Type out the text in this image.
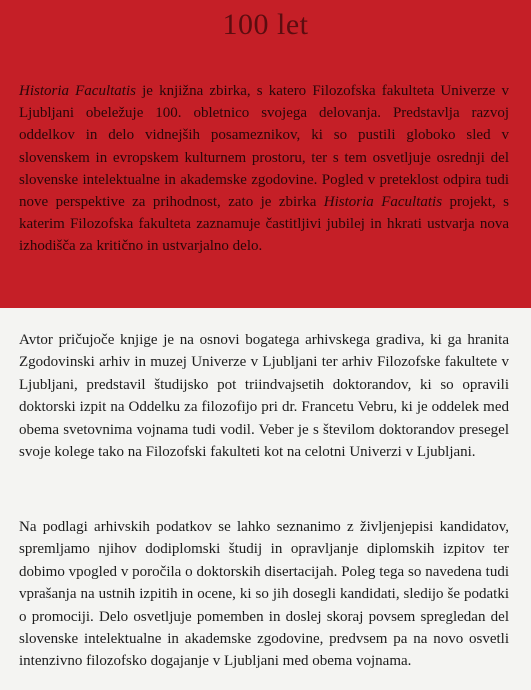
100 let
Historia Facultatis je knjižna zbirka, s katero Filozofska fakulteta Univerze v Ljubljani obeležuje 100. obletnico svojega delovanja. Predstavlja razvoj oddelkov in delo vidnejših posameznikov, ki so pustili globoko sled v slovenskem in evropskem kulturnem prostoru, ter s tem osvetljuje osrednji del slovenske intelektualne in akademske zgodovine. Pogled v preteklost odpira tudi nove perspektive za prihodnost, zato je zbirka Historia Facultatis projekt, s katerim Filozofska fakulteta zaznamuje častitljivi jubilej in hkrati ustvarja nova izhodišča za kritično in ustvarjalno delo.
Avtor pričujoče knjige je na osnovi bogatega arhivskega gradiva, ki ga hranita Zgodovinski arhiv in muzej Univerze v Ljubljani ter arhiv Filozofske fakultete v Ljubljani, predstavil študijsko pot triindvajsetih doktorandov, ki so opravili doktorski izpit na Oddelku za filozofijo pri dr. Francetu Vebru, ki je oddelek med obema svetovnima vojnama tudi vodil. Veber je s številom doktorandov presegel svoje kolege tako na Filozofski fakulteti kot na celotni Univerzi v Ljubljani.
Na podlagi arhivskih podatkov se lahko seznanimo z življenjepisi kandidatov, spremljamo njihov dodiplomski študij in opravljanje diplomskih izpitov ter dobimo vpogled v poročila o doktorskih disertacijah. Poleg tega so navedena tudi vprašanja na ustnih izpitih in ocene, ki so jih dosegli kandidati, sledijo še podatki o promociji. Delo osvetljuje pomemben in doslej skoraj povsem spregledan del slovenske intelektualne in akademske zgodovine, predvsem pa na novo osvetli intenzivno filozofsko dogajanje v Ljubljani med obema vojnama.
